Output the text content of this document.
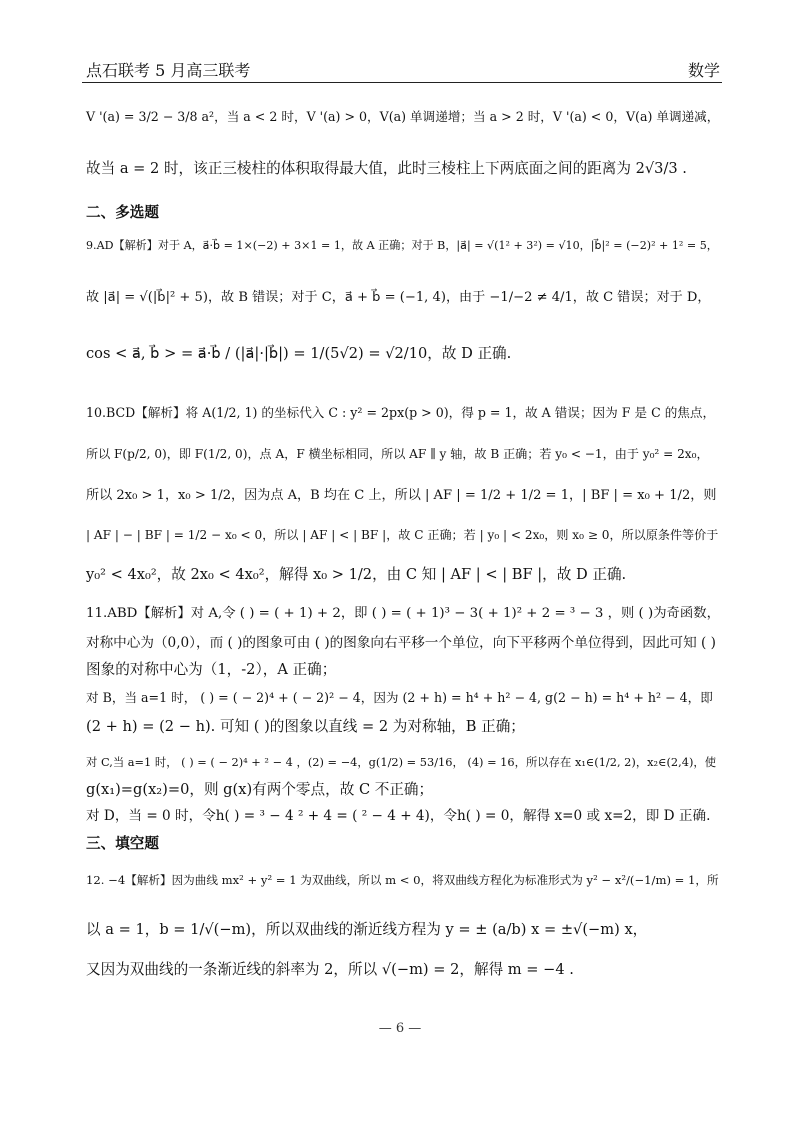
点石联考 5 月高三联考	数学
V '(a) = 3/2 − 3/8 a²，当 a < 2 时，V '(a) > 0，V(a) 单调递增；当 a > 2 时，V '(a) < 0，V(a) 单调递减，
故当 a = 2 时，该正三棱柱的体积取得最大值，此时三棱柱上下两底面之间的距离为 2√3/3 .
二、多选题
9.AD【解析】对于 A，a⃗·b⃗ = 1×(−2) + 3×1 = 1，故 A 正确；对于 B，|a⃗| = √(1² + 3²) = √10，|b⃗|² = (−2)² + 1² = 5，
故 |a⃗| = √(|b⃗|² + 5)，故 B 错误；对于 C，a⃗ + b⃗ = (−1, 4)，由于 −1/−2 ≠ 4/1，故 C 错误；对于 D，
cos < a⃗, b⃗ > = a⃗·b⃗ / (|a⃗|·|b⃗|) = 1/(5√2) = √2/10，故 D 正确.
10.BCD【解析】将 A(1/2, 1) 的坐标代入 C : y² = 2px(p > 0)，得 p = 1，故 A 错误；因为 F 是 C 的焦点，
所以 F(p/2, 0)，即 F(1/2, 0)，点 A，F 横坐标相同，所以 AF ∥ y 轴，故 B 正确；若 y₀ < −1，由于 y₀² = 2x₀，
所以 2x₀ > 1，x₀ > 1/2，因为点 A，B 均在 C 上，所以 | AF | = 1/2 + 1/2 = 1，| BF | = x₀ + 1/2，则
| AF | − | BF | = 1/2 − x₀ < 0，所以 | AF | < | BF |，故 C 正确；若 | y₀ | < 2x₀，则 x₀ ≥ 0，所以原条件等价于
y₀² < 4x₀²，故 2x₀ < 4x₀²，解得 x₀ > 1/2，由 C 知 | AF | < | BF |，故 D 正确.
11.ABD【解析】对 A,令 ( ) = ( + 1) + 2，即 ( ) = ( + 1)³ − 3( + 1)² + 2 = ³ − 3 ，则 ( )为奇函数，
对称中心为（0,0），而 ( )的图象可由 ( )的图象向右平移一个单位，向下平移两个单位得到，因此可知 ( )
图象的对称中心为（1，-2），A 正确；
对 B，当 a=1 时， ( ) = ( − 2)⁴ + ( − 2)² − 4，因为 (2 + h) = h⁴ + h² − 4, g(2 − h) = h⁴ + h² − 4，即
(2 + h) = (2 − h). 可知 ( )的图象以直线 = 2 为对称轴，B 正确；
对 C,当 a=1 时， ( ) = ( − 2)⁴ + ² − 4 ，(2) = −4，g(1/2) = 53/16， (4) = 16，所以存在 x₁∈(1/2, 2)，x₂∈(2,4)，使
g(x₁)=g(x₂)=0，则 g(x)有两个零点，故 C 不正确；
对 D，当 = 0 时，令h( ) = ³ − 4 ² + 4 = ( ² − 4 + 4)，令h( ) = 0，解得 x=0 或 x=2，即 D 正确.
三、填空题
12. −4【解析】因为曲线 mx² + y² = 1 为双曲线，所以 m < 0，将双曲线方程化为标准形式为 y² − x²/(−1/m) = 1，所
以 a = 1，b = 1/√(−m)，所以双曲线的渐近线方程为 y = ± (a/b) x = ±√(−m) x，
又因为双曲线的一条渐近线的斜率为 2，所以 √(−m) = 2，解得 m = −4 .
— 6 —
